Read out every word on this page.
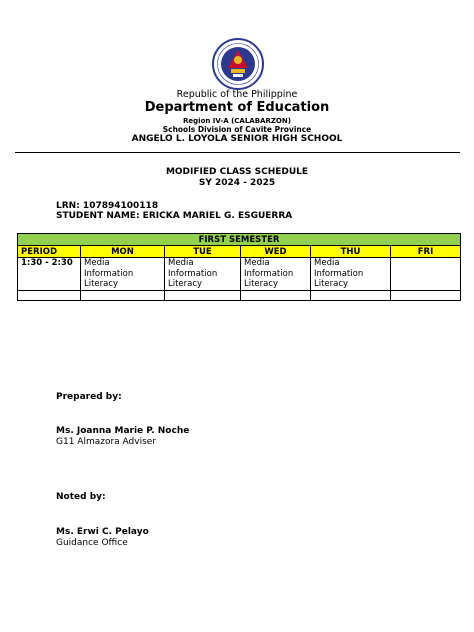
Republic of the Philippine
Department of Education
Region IV-A (CALABARZON)
Schools Division of Cavite Province
ANGELO L. LOYOLA SENIOR HIGH SCHOOL
MODIFIED CLASS SCHEDULE
SY 2024 - 2025
LRN: 107894100118
STUDENT NAME: ERICKA MARIEL G. ESGUERRA
FIRST SEMESTER					
PERIOD	MON	TUE	WED	THU	FRI
1:30 - 2:30	Media Information Literacy	Media Information Literacy	Media Information Literacy	Media Information Literacy	

Prepared by:
Ms. Joanna Marie P. Noche
G11 Almazora Adviser
Noted by:
Ms. Erwi C. Pelayo
Guidance Office
